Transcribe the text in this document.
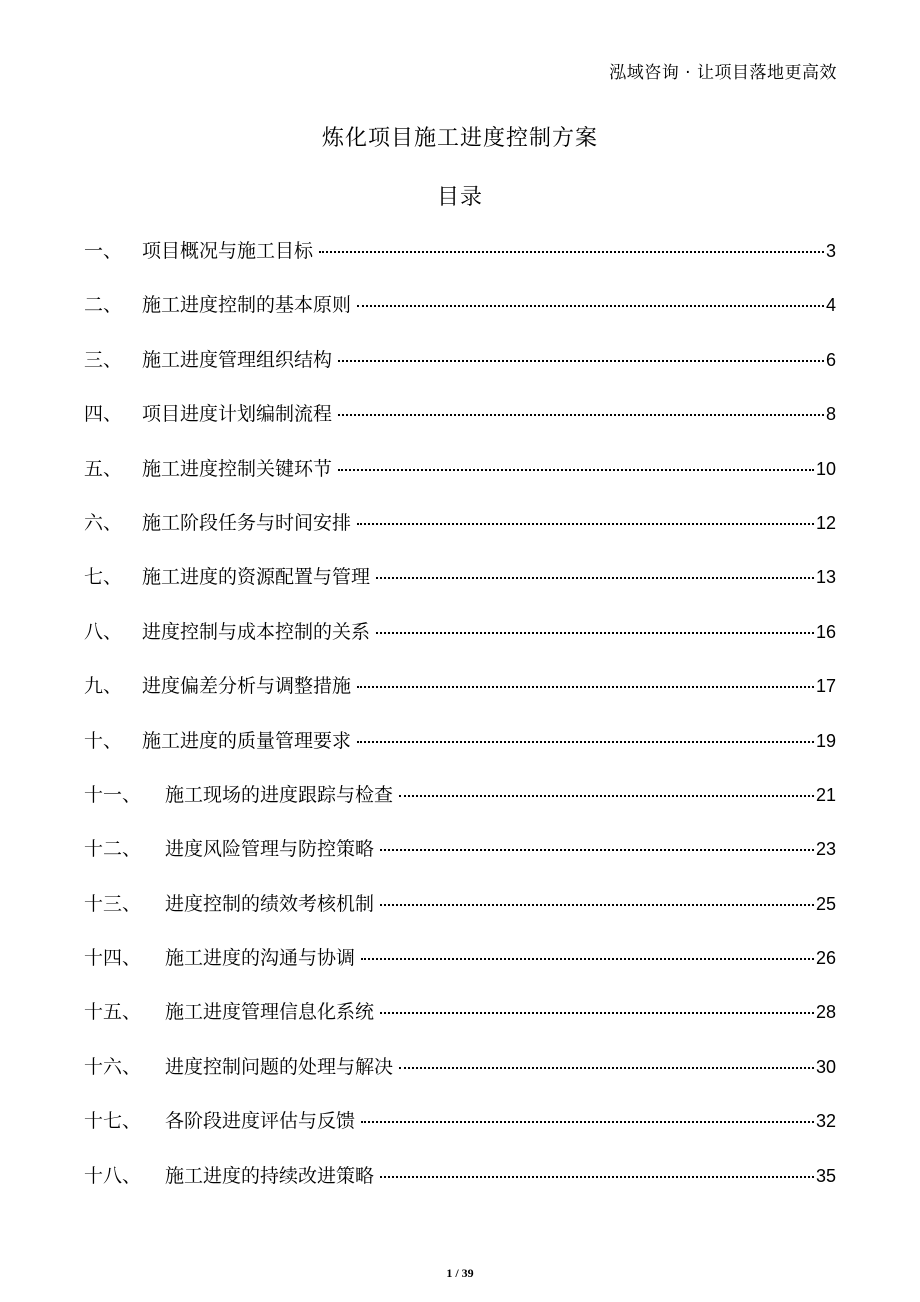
泓域咨询 · 让项目落地更高效
炼化项目施工进度控制方案
目录
一、	项目概况与施工目标	3
二、	施工进度控制的基本原则	4
三、	施工进度管理组织结构	6
四、	项目进度计划编制流程	8
五、	施工进度控制关键环节	10
六、	施工阶段任务与时间安排	12
七、	施工进度的资源配置与管理	13
八、	进度控制与成本控制的关系	16
九、	进度偏差分析与调整措施	17
十、	施工进度的质量管理要求	19
十一、	施工现场的进度跟踪与检查	21
十二、	进度风险管理与防控策略	23
十三、	进度控制的绩效考核机制	25
十四、	施工进度的沟通与协调	26
十五、	施工进度管理信息化系统	28
十六、	进度控制问题的处理与解决	30
十七、	各阶段进度评估与反馈	32
十八、	施工进度的持续改进策略	35
1 / 39
